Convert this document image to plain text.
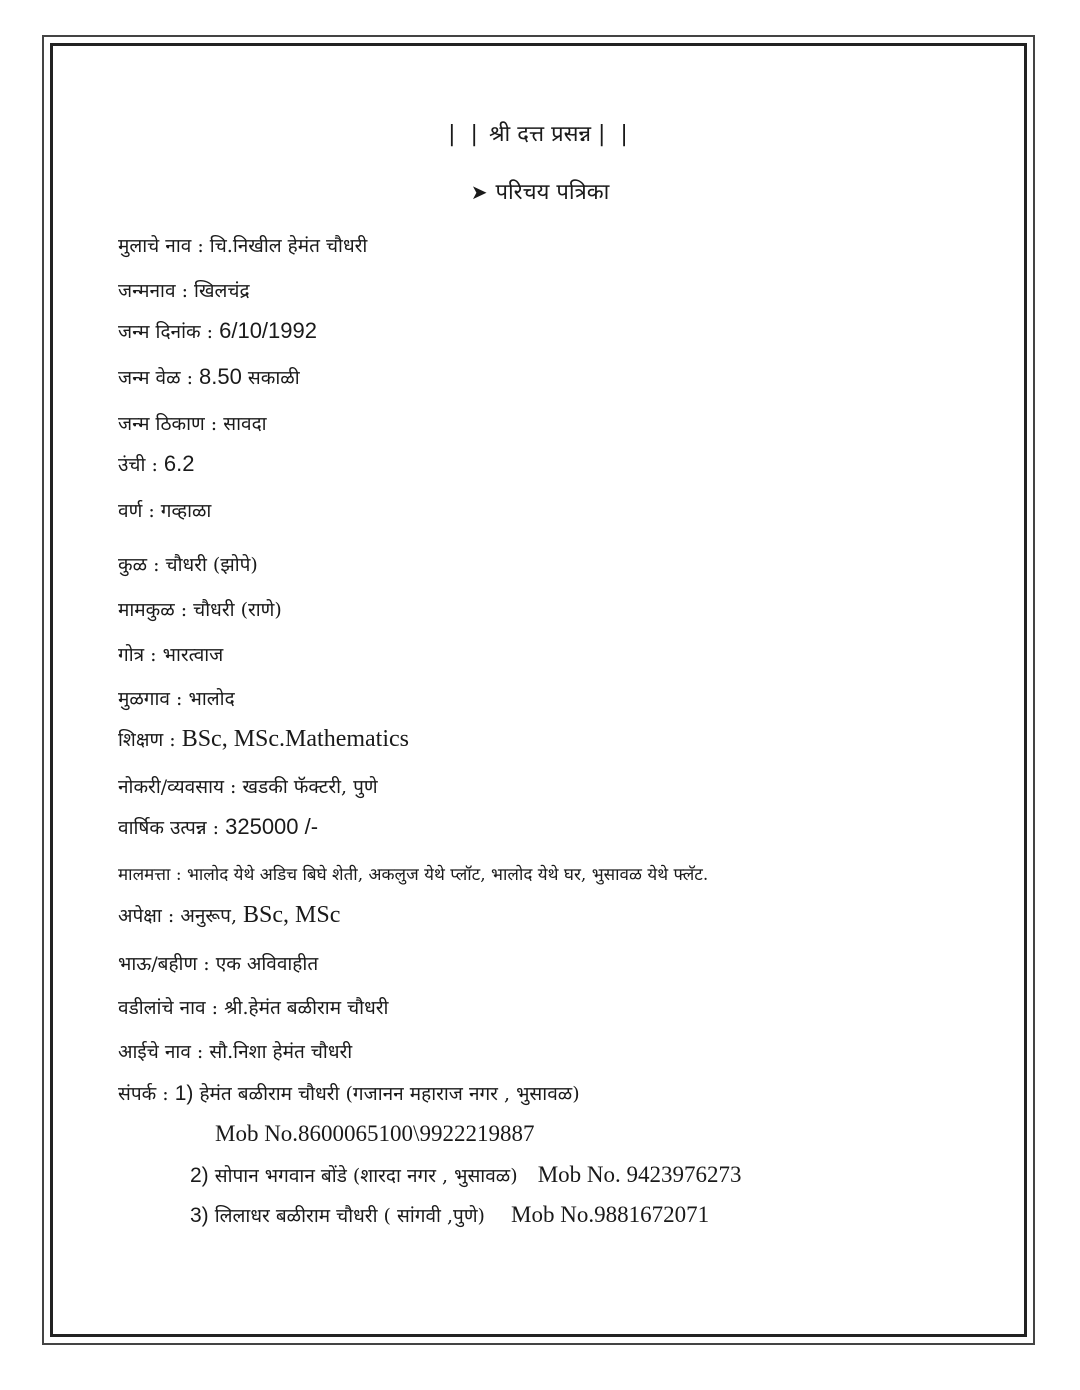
| | श्री दत्त प्रसन्न | |
➤ परिचय पत्रिका
मुलाचे नाव : चि.निखील हेमंत चौधरी
जन्मनाव : खिलचंद्र
जन्म दिनांक : 6/10/1992
जन्म वेळ : 8.50 सकाळी
जन्म ठिकाण : सावदा
उंची : 6.2
वर्ण : गव्हाळा
कुळ : चौधरी (झोपे)
मामकुळ : चौधरी (राणे)
गोत्र : भारत्वाज
मुळगाव : भालोद
शिक्षण : BSc, MSc.Mathematics
नोकरी/व्यवसाय : खडकी फॅक्टरी, पुणे
वार्षिक उत्पन्न : 325000 /-
मालमत्ता : भालोद येथे अडिच बिघे शेती, अकलुज येथे प्लॉट, भालोद येथे घर, भुसावळ येथे फ्लॅट.
अपेक्षा : अनुरूप, BSc, MSc
भाऊ/बहीण : एक अविवाहीत
वडीलांचे नाव : श्री.हेमंत बळीराम चौधरी
आईचे नाव : सौ.निशा हेमंत चौधरी
संपर्क : 1) हेमंत बळीराम चौधरी (गजानन महाराज नगर , भुसावळ)
Mob No.8600065100\9922219887
2) सोपान भगवान बोंडे (शारदा नगर , भुसावळ) Mob No. 9423976273
3) लिलाधर बळीराम चौधरी ( सांगवी ,पुणे) Mob No.9881672071
